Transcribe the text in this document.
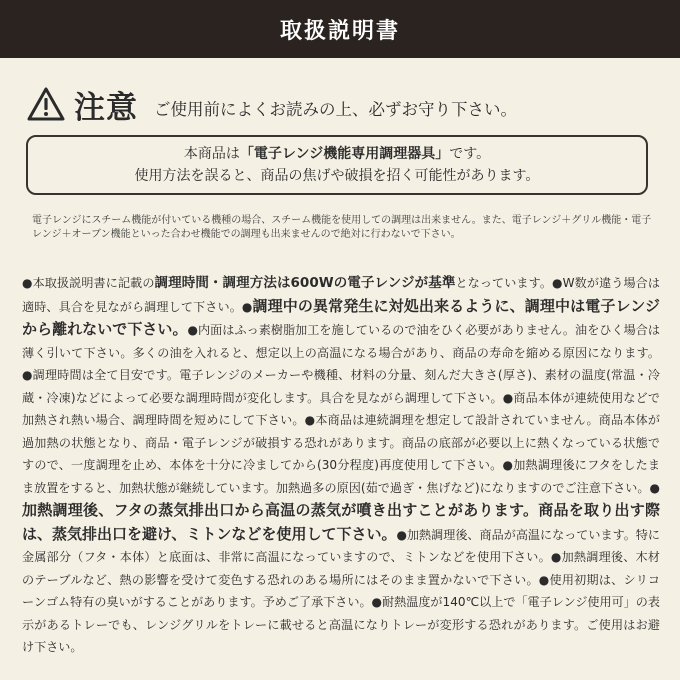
取扱説明書
注意 ご使用前によくお読みの上、必ずお守り下さい。
本商品は「電子レンジ機能専用調理器具」です。
使用方法を誤ると、商品の焦げや破損を招く可能性があります。
電子レンジにスチーム機能が付いている機種の場合、スチーム機能を使用しての調理は出来ません。また、電子レンジ＋グリル機能・電子レンジ＋オーブン機能といった合わせ機能での調理も出来ませんので絶対に行わないで下さい。
●本取扱説明書に記載の調理時間・調理方法は600Wの電子レンジが基準となっています。●W数が違う場合は適時、具合を見ながら調理して下さい。●調理中の異常発生に対処出来るように、調理中は電子レンジから離れないで下さい。●内面はふっ素樹脂加工を施しているので油をひく必要がありません。油をひく場合は薄く引いて下さい。多くの油を入れると、想定以上の高温になる場合があり、商品の寿命を縮める原因になります。●調理時間は全て目安です。電子レンジのメーカーや機種、材料の分量、刻んだ大きさ(厚さ)、素材の温度(常温・冷蔵・冷凍)などによって必要な調理時間が変化します。具合を見ながら調理して下さい。●商品本体が連続使用などで加熱され熱い場合、調理時間を短めにして下さい。●本商品は連続調理を想定して設計されていません。商品本体が過加熱の状態となり、商品・電子レンジが破損する恐れがあります。商品の底部が必要以上に熱くなっている状態ですので、一度調理を止め、本体を十分に冷ましてから(30分程度)再度使用して下さい。●加熱調理後にフタをしたまま放置をすると、加熱状態が継続しています。加熱過多の原因(茹で過ぎ・焦げなど)になりますのでご注意下さい。●加熱調理後、フタの蒸気排出口から高温の蒸気が噴き出すことがあります。商品を取り出す際は、蒸気排出口を避け、ミトンなどを使用して下さい。●加熱調理後、商品が高温になっています。特に金属部分（フタ・本体）と底面は、非常に高温になっていますので、ミトンなどを使用下さい。●加熱調理後、木材のテーブルなど、熱の影響を受けて変色する恐れのある場所にはそのまま置かないで下さい。●使用初期は、シリコーンゴム特有の臭いがすることがあります。予めご了承下さい。●耐熱温度が140℃以上で「電子レンジ使用可」の表示があるトレーでも、レンジグリルをトレーに載せると高温になりトレーが変形する恐れがあります。ご使用はお避け下さい。
